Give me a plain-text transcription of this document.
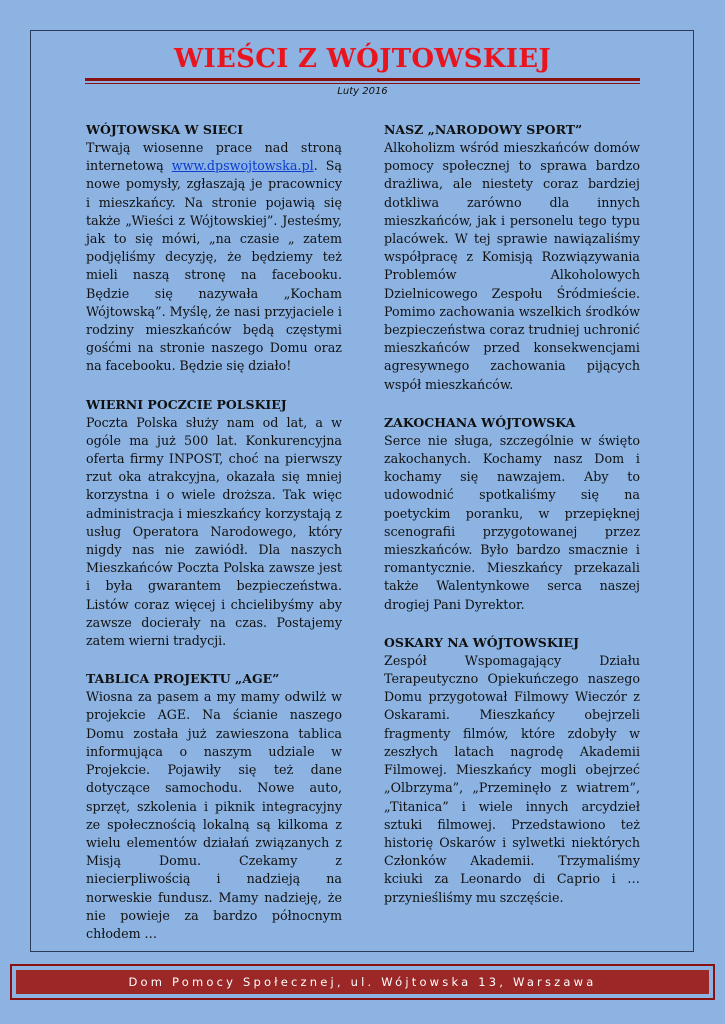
WIEŚCI Z WÓJTOWSKIEJ
Luty 2016

WÓJTOWSKA W SIECI

Trwają wiosenne prace nad stroną internetową www.dpswojtowska.pl. Są nowe pomysły, zgłaszają je pracownicy i mieszkańcy. Na stronie pojawią się także „Wieści z Wójtowskiej”. Jesteśmy, jak to się mówi, „na czasie „ zatem podjęliśmy decyzję, że będziemy też mieli naszą stronę na facebooku. Będzie się nazywała „Kocham Wójtowską”. Myślę, że nasi przyjaciele i rodziny mieszkańców będą częstymi gośćmi na stronie naszego Domu oraz na facebooku. Będzie się działo!

WIERNI POCZCIE POLSKIEJ

Poczta Polska służy nam od lat, a w ogóle ma już 500 lat. Konkurencyjna oferta firmy INPOST, choć na pierwszy rzut oka atrakcyjna, okazała się mniej korzystna i o wiele droższa. Tak więc administracja i mieszkańcy korzystają z usług Operatora Narodowego, który nigdy nas nie zawiódł. Dla naszych Mieszkańców Poczta Polska zawsze jest i była gwarantem bezpieczeństwa. Listów coraz więcej i chcielibyśmy aby zawsze docierały na czas. Postajemy zatem wierni tradycji.

TABLICA PROJEKTU „AGE”

Wiosna za pasem a my mamy odwilż w projekcie AGE. Na ścianie naszego Domu została już zawieszona tablica informująca o naszym udziale w Projekcie. Pojawiły się też dane dotyczące samochodu. Nowe auto, sprzęt, szkolenia i piknik integracyjny ze społecznością lokalną są kilkoma z wielu elementów działań związanych z Misją Domu. Czekamy z niecierpliwością i nadzieją na norweskie fundusz. Mamy nadzieję, że nie powieje za bardzo północnym chłodem …

NASZ „NARODOWY SPORT”

Alkoholizm wśród mieszkańców domów pomocy społecznej to sprawa bardzo drażliwa, ale niestety coraz bardziej dotkliwa zarówno dla innych mieszkańców, jak i personelu tego typu placówek. W tej sprawie nawiązaliśmy współpracę z Komisją Rozwiązywania Problemów Alkoholowych Dzielnicowego Zespołu Śródmieście. Pomimo zachowania wszelkich środków bezpieczeństwa coraz trudniej uchronić mieszkańców przed konsekwencjami agresywnego zachowania pijących współ mieszkańców.

ZAKOCHANA WÓJTOWSKA

Serce nie sługa, szczególnie w święto zakochanych. Kochamy nasz Dom i kochamy się nawzajem. Aby to udowodnić spotkaliśmy się na poetyckim poranku, w przepięknej scenografii przygotowanej przez mieszkańców. Było bardzo smacznie i romantycznie. Mieszkańcy przekazali także Walentynkowe serca naszej drogiej Pani Dyrektor.

OSKARY NA WÓJTOWSKIEJ

Zespół Wspomagający Działu Terapeutyczno Opiekuńczego naszego Domu przygotował Filmowy Wieczór z Oskarami. Mieszkańcy obejrzeli fragmenty filmów, które zdobyły w zeszłych latach nagrodę Akademii Filmowej. Mieszkańcy mogli obejrzeć „Olbrzyma”, „Przeminęło z wiatrem”, „Titanica” i wiele innych arcydzieł sztuki filmowej. Przedstawiono też historię Oskarów i sylwetki niektórych Członków Akademii. Trzymaliśmy kciuki za Leonardo di Caprio i … przynieśliśmy mu szczęście.

Dom Pomocy Społecznej, ul. Wójtowska 13, Warszawa
